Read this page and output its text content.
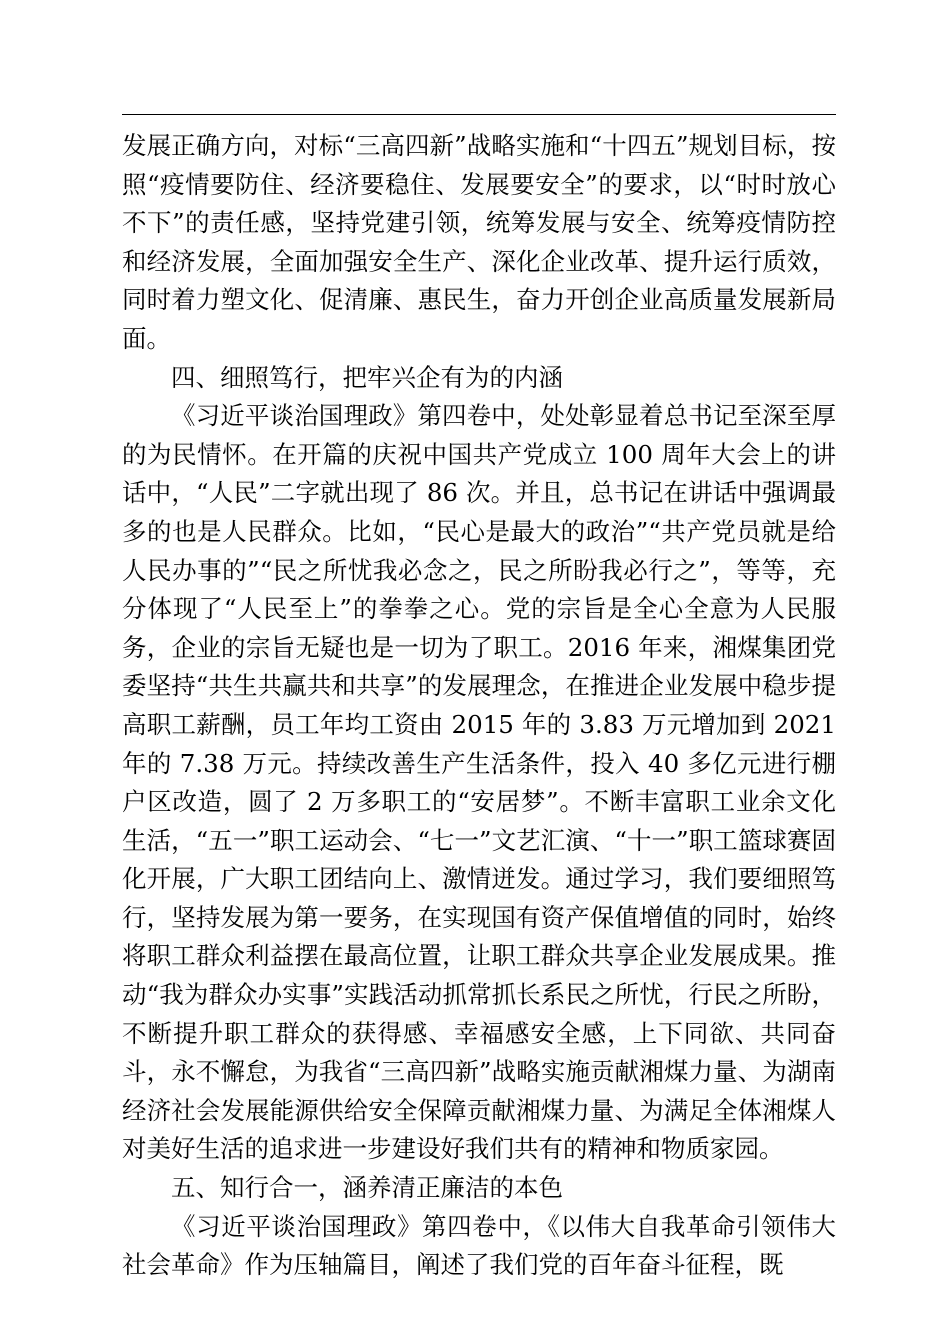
发展正确方向，对标“三高四新”战略实施和“十四五”规划目标，按照“疫情要防住、经济要稳住、发展要安全”的要求，以“时时放心不下”的责任感，坚持党建引领，统筹发展与安全、统筹疫情防控和经济发展，全面加强安全生产、深化企业改革、提升运行质效，同时着力塑文化、促清廉、惠民生，奋力开创企业高质量发展新局面。

四、细照笃行，把牢兴企有为的内涵

《习近平谈治国理政》第四卷中，处处彰显着总书记至深至厚的为民情怀。在开篇的庆祝中国共产党成立 100 周年大会上的讲话中，“人民”二字就出现了 86 次。并且，总书记在讲话中强调最多的也是人民群众。比如，“民心是最大的政治”“共产党员就是给人民办事的”“民之所忧我必念之，民之所盼我必行之”，等等，充分体现了“人民至上”的拳拳之心。党的宗旨是全心全意为人民服务，企业的宗旨无疑也是一切为了职工。2016 年来，湘煤集团党委坚持“共生共赢共和共享”的发展理念，在推进企业发展中稳步提高职工薪酬，员工年均工资由 2015 年的 3.83 万元增加到 2021 年的 7.38 万元。持续改善生产生活条件，投入 40 多亿元进行棚户区改造，圆了 2 万多职工的“安居梦”。不断丰富职工业余文化生活，“五一”职工运动会、“七一”文艺汇演、“十一”职工篮球赛固化开展，广大职工团结向上、激情迸发。通过学习，我们要细照笃行，坚持发展为第一要务，在实现国有资产保值增值的同时，始终将职工群众利益摆在最高位置，让职工群众共享企业发展成果。推动“我为群众办实事”实践活动抓常抓长系民之所忧，行民之所盼，不断提升职工群众的获得感、幸福感安全感，上下同欲、共同奋斗，永不懈怠，为我省“三高四新”战略实施贡献湘煤力量、为湖南经济社会发展能源供给安全保障贡献湘煤力量、为满足全体湘煤人对美好生活的追求进一步建设好我们共有的精神和物质家园。

五、知行合一，涵养清正廉洁的本色

《习近平谈治国理政》第四卷中，《以伟大自我革命引领伟大社会革命》作为压轴篇目，阐述了我们党的百年奋斗征程，既
